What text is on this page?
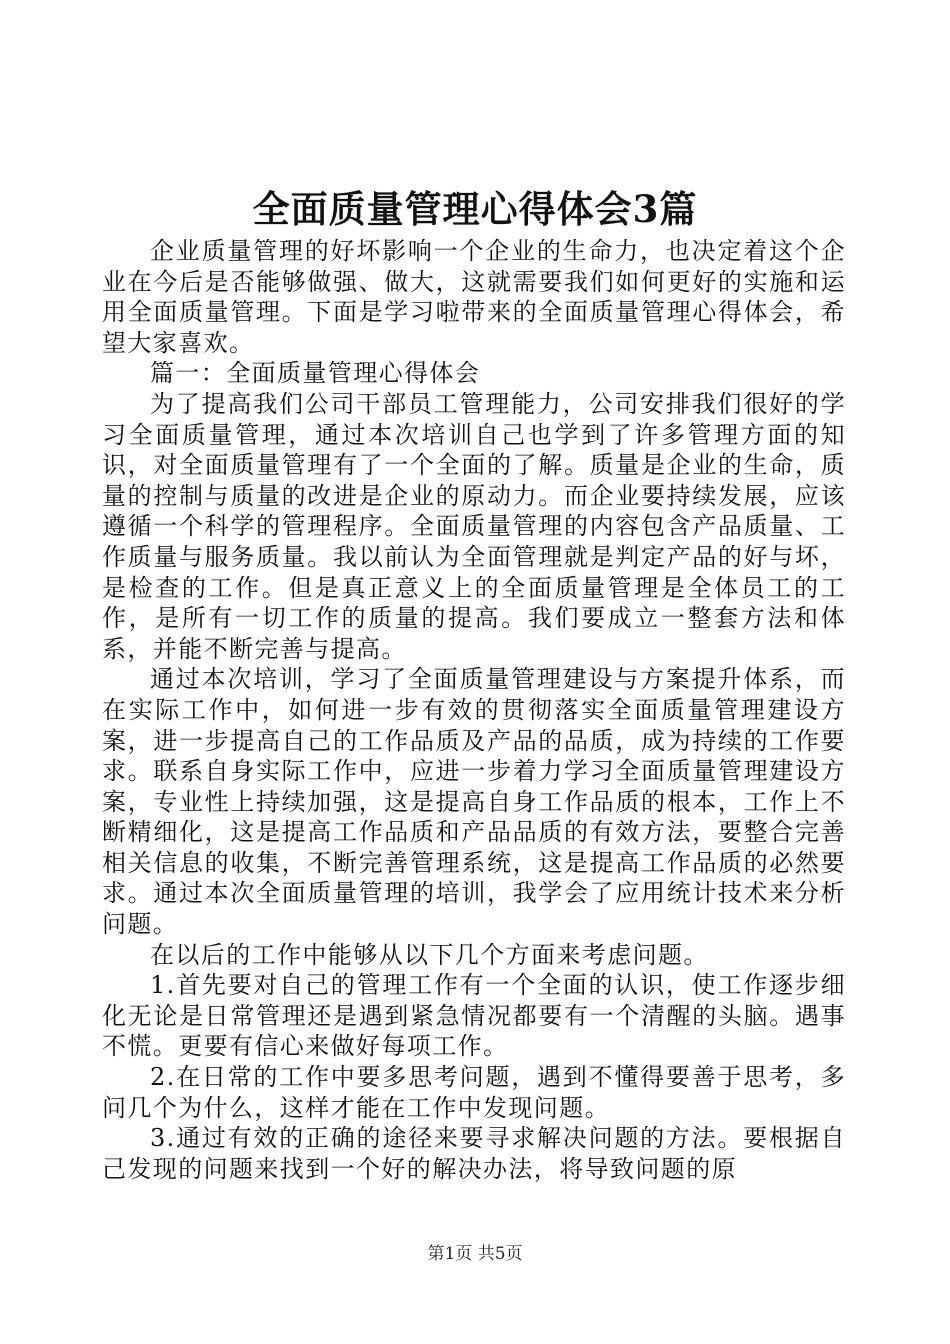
全面质量管理心得体会3篇

企业质量管理的好坏影响一个企业的生命力，也决定着这个企业在今后是否能够做强、做大，这就需要我们如何更好的实施和运用全面质量管理。下面是学习啦带来的全面质量管理心得体会，希望大家喜欢。

篇一：全面质量管理心得体会

为了提高我们公司干部员工管理能力，公司安排我们很好的学习全面质量管理，通过本次培训自己也学到了许多管理方面的知识，对全面质量管理有了一个全面的了解。质量是企业的生命，质量的控制与质量的改进是企业的原动力。而企业要持续发展，应该遵循一个科学的管理程序。全面质量管理的内容包含产品质量、工作质量与服务质量。我以前认为全面管理就是判定产品的好与坏，是检查的工作。但是真正意义上的全面质量管理是全体员工的工作，是所有一切工作的质量的提高。我们要成立一整套方法和体系，并能不断完善与提高。

通过本次培训，学习了全面质量管理建设与方案提升体系，而在实际工作中，如何进一步有效的贯彻落实全面质量管理建设方案，进一步提高自己的工作品质及产品的品质，成为持续的工作要求。联系自身实际工作中，应进一步着力学习全面质量管理建设方案，专业性上持续加强，这是提高自身工作品质的根本，工作上不断精细化，这是提高工作品质和产品品质的有效方法，要整合完善相关信息的收集，不断完善管理系统，这是提高工作品质的必然要求。通过本次全面质量管理的培训，我学会了应用统计技术来分析问题。

在以后的工作中能够从以下几个方面来考虑问题。

1.首先要对自己的管理工作有一个全面的认识，使工作逐步细化无论是日常管理还是遇到紧急情况都要有一个清醒的头脑。遇事不慌。更要有信心来做好每项工作。

2.在日常的工作中要多思考问题，遇到不懂得要善于思考，多问几个为什么，这样才能在工作中发现问题。

3.通过有效的正确的途径来要寻求解决问题的方法。要根据自己发现的问题来找到一个好的解决办法，将导致问题的原

第1页 共5页
